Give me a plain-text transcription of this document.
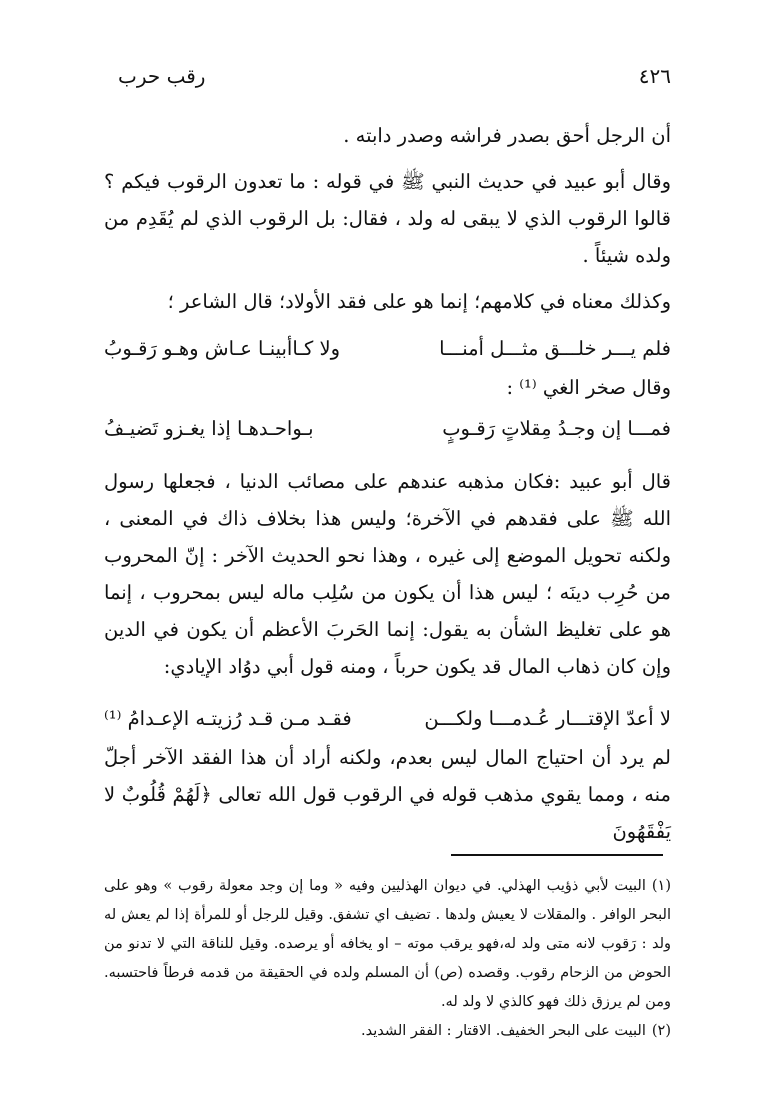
٤٢٦
رقب حرب

أن الرجل أحق بصدر فراشه وصدر دابته .

وقال أبو عبيد في حديث النبي ﷺ في قوله : ما تعدون الرقوب فيكم ؟ قالوا الرقوب الذي لا يبقى له ولد ، فقال: بل الرقوب الذي لم يُقَدِم من ولده شيئاً .

وكذلك معناه في كلامهم؛ إنما هو على فقد الأولاد؛ قال الشاعر ؛

فلم يـــر خلـــق مثـــل أمنـــا
ولا كـاأبينـا عـاش وهـو رَقـوبُ

وقال صخر الغي ⁽¹⁾ :

فمـــا إن وجـدُ مِقلاتٍ رَقـوبٍ
بـواحـدهـا إذا يغـزو تَضيـفُ

قال أبو عبيد :فكان مذهبه عندهم على مصائب الدنيا ، فجعلها رسول الله ﷺ على فقدهم في الآخرة؛ وليس هذا بخلاف ذاك في المعنى ، ولكنه تحويل الموضع إلى غيره ، وهذا نحو الحديث الآخر : إنّ المحروب من حُرِب دينَه ؛ ليس هذا أن يكون من سُلِب ماله ليس بمحروب ، إنما هو على تغليظ الشأن به يقول: إنما الحَربَ الأعظم أن يكون في الدين وإن كان ذهاب المال قد يكون حرباً ، ومنه قول أبي دوُاد الإيادي:

لا أعدّ الإقتـــار عُـدمـــا ولكـــن
فقـد مـن قـد رُزيتـه الإعـدامُ ⁽¹⁾

لم يرد أن احتياج المال ليس بعدم، ولكنه أراد أن هذا الفقد الآخر أجلّ منه ، ومما يقوي مذهب قوله في الرقوب قول الله تعالى ﴿لَهُمْ قُلُوبٌ لا يَفْقَهُونَ

(١)البيت لأبي ذؤيب الهذلي. في ديوان الهذليين وفيه « وما إن وجد معولة رقوب » وهو على البحر الوافر . والمقلات لا يعيش ولدها . تضيف اي تشفق. وقيل للرجل أو للمرأة إذا لم يعش له ولد : رَقوب لانه متى ولد له،فهو يرقب موته – او يخافه أو يرصده. وقيل للناقة التي لا تدنو من الحوض من الزحام رقوب. وقصده (ص) أن المسلم ولده في الحقيقة من قدمه فرطاً فاحتسبه. ومن لم يرزق ذلك فهو كالذي لا ولد له.

(٢)البيت على البحر الخفيف. الاقتار : الفقر الشديد.
